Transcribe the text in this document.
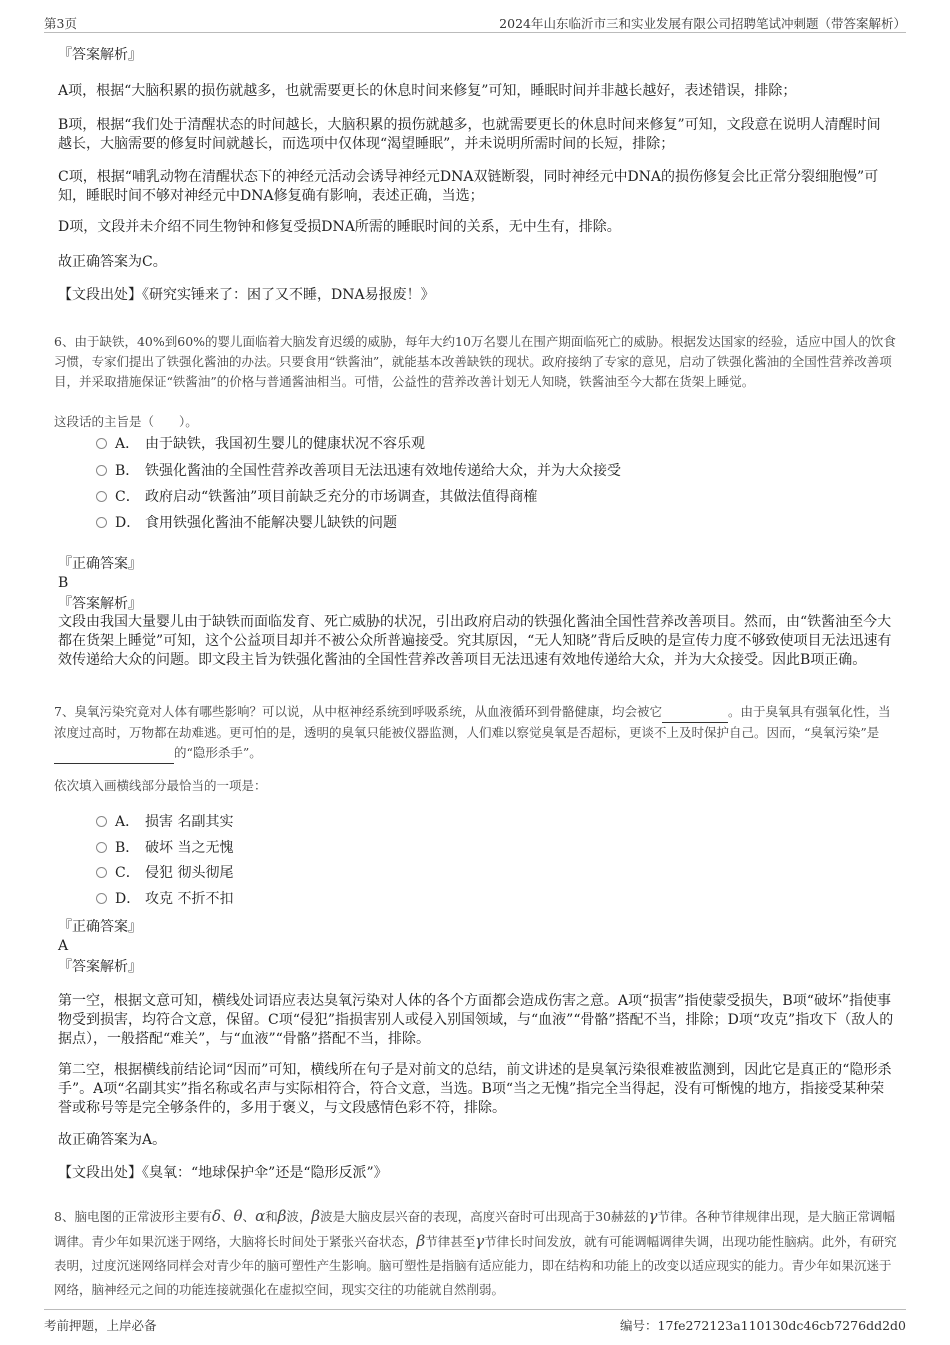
第3页	2024年山东临沂市三和实业发展有限公司招聘笔试冲刺题（带答案解析）
『答案解析』
A项，根据“大脑积累的损伤就越多，也就需要更长的休息时间来修复”可知，睡眠时间并非越长越好，表述错误，排除；
B项，根据“我们处于清醒状态的时间越长，大脑积累的损伤就越多，也就需要更长的休息时间来修复”可知，文段意在说明人清醒时间越长，大脑需要的修复时间就越长，而选项中仅体现“渴望睡眠”，并未说明所需时间的长短，排除；
C项，根据“哺乳动物在清醒状态下的神经元活动会诱导神经元DNA双链断裂，同时神经元中DNA的损伤修复会比正常分裂细胞慢”可知，睡眠时间不够对神经元中DNA修复确有影响，表述正确，当选；
D项，文段并未介绍不同生物钟和修复受损DNA所需的睡眠时间的关系，无中生有，排除。
故正确答案为C。
【文段出处】《研究实锤来了：困了又不睡，DNA易报废！》
6、由于缺铁，40%到60%的婴儿面临着大脑发育迟缓的威胁，每年大约10万名婴儿在围产期面临死亡的威胁。根据发达国家的经验，适应中国人的饮食习惯，专家们提出了铁强化酱油的办法。只要食用“铁酱油”，就能基本改善缺铁的现状。政府接纳了专家的意见，启动了铁强化酱油的全国性营养改善项目，并采取措施保证“铁酱油”的价格与普通酱油相当。可惜，公益性的营养改善计划无人知晓，铁酱油至今大都在货架上睡觉。
这段话的主旨是（　　）。
A． 由于缺铁，我国初生婴儿的健康状况不容乐观
B． 铁强化酱油的全国性营养改善项目无法迅速有效地传递给大众，并为大众接受
C． 政府启动“铁酱油”项目前缺乏充分的市场调查，其做法值得商榷
D． 食用铁强化酱油不能解决婴儿缺铁的问题
『正确答案』
B
『答案解析』
文段由我国大量婴儿由于缺铁而面临发育、死亡威胁的状况，引出政府启动的铁强化酱油全国性营养改善项目。然而，由“铁酱油至今大都在货架上睡觉”可知，这个公益项目却并不被公众所普遍接受。究其原因，“无人知晓”背后反映的是宣传力度不够致使项目无法迅速有效传递给大众的问题。即文段主旨为铁强化酱油的全国性营养改善项目无法迅速有效地传递给大众，并为大众接受。因此B项正确。
7、臭氧污染究竟对人体有哪些影响？可以说，从中枢神经系统到呼吸系统，从血液循环到骨骼健康，均会被它	。由于臭氧具有强氧化性，当浓度过高时，万物都在劫难逃。更可怕的是，透明的臭氧只能被仪器监测，人们难以察觉臭氧是否超标，更谈不上及时保护自己。因而，“臭氧污染”是 的“隐形杀手”。
依次填入画横线部分最恰当的一项是：
A． 损害 名副其实
B． 破坏 当之无愧
C． 侵犯 彻头彻尾
D． 攻克 不折不扣
『正确答案』
A
『答案解析』
第一空，根据文意可知，横线处词语应表达臭氧污染对人体的各个方面都会造成伤害之意。A项“损害”指使蒙受损失，B项“破坏”指使事物受到损害，均符合文意，保留。C项“侵犯”指损害别人或侵入别国领域，与“血液”“骨骼”搭配不当，排除；D项“攻克”指攻下（敌人的据点），一般搭配“难关”，与“血液”“骨骼”搭配不当，排除。
第二空，根据横线前结论词“因而”可知，横线所在句子是对前文的总结，前文讲述的是臭氧污染很难被监测到，因此它是真正的“隐形杀手”。A项“名副其实”指名称或名声与实际相符合，符合文意，当选。B项“当之无愧”指完全当得起，没有可惭愧的地方，指接受某种荣誉或称号等是完全够条件的，多用于褒义，与文段感情色彩不符，排除。
故正确答案为A。
【文段出处】《臭氧：“地球保护伞”还是“隐形反派”》
8、脑电图的正常波形主要有δ、θ、α和β波，β波是大脑皮层兴奋的表现，高度兴奋时可出现高于30赫兹的γ节律。各种节律规律出现，是大脑正常调幅调律。青少年如果沉迷于网络，大脑将长时间处于紧张兴奋状态，β节律甚至γ节律长时间发放，就有可能调幅调律失调，出现功能性脑病。此外，有研究表明，过度沉迷网络同样会对青少年的脑可塑性产生影响。脑可塑性是指脑有适应能力，即在结构和功能上的改变以适应现实的能力。青少年如果沉迷于网络，脑神经元之间的功能连接就强化在虚拟空间，现实交往的功能就自然削弱。
考前押题，上岸必备	编号：17fe272123a110130dc46cb7276dd2d0
